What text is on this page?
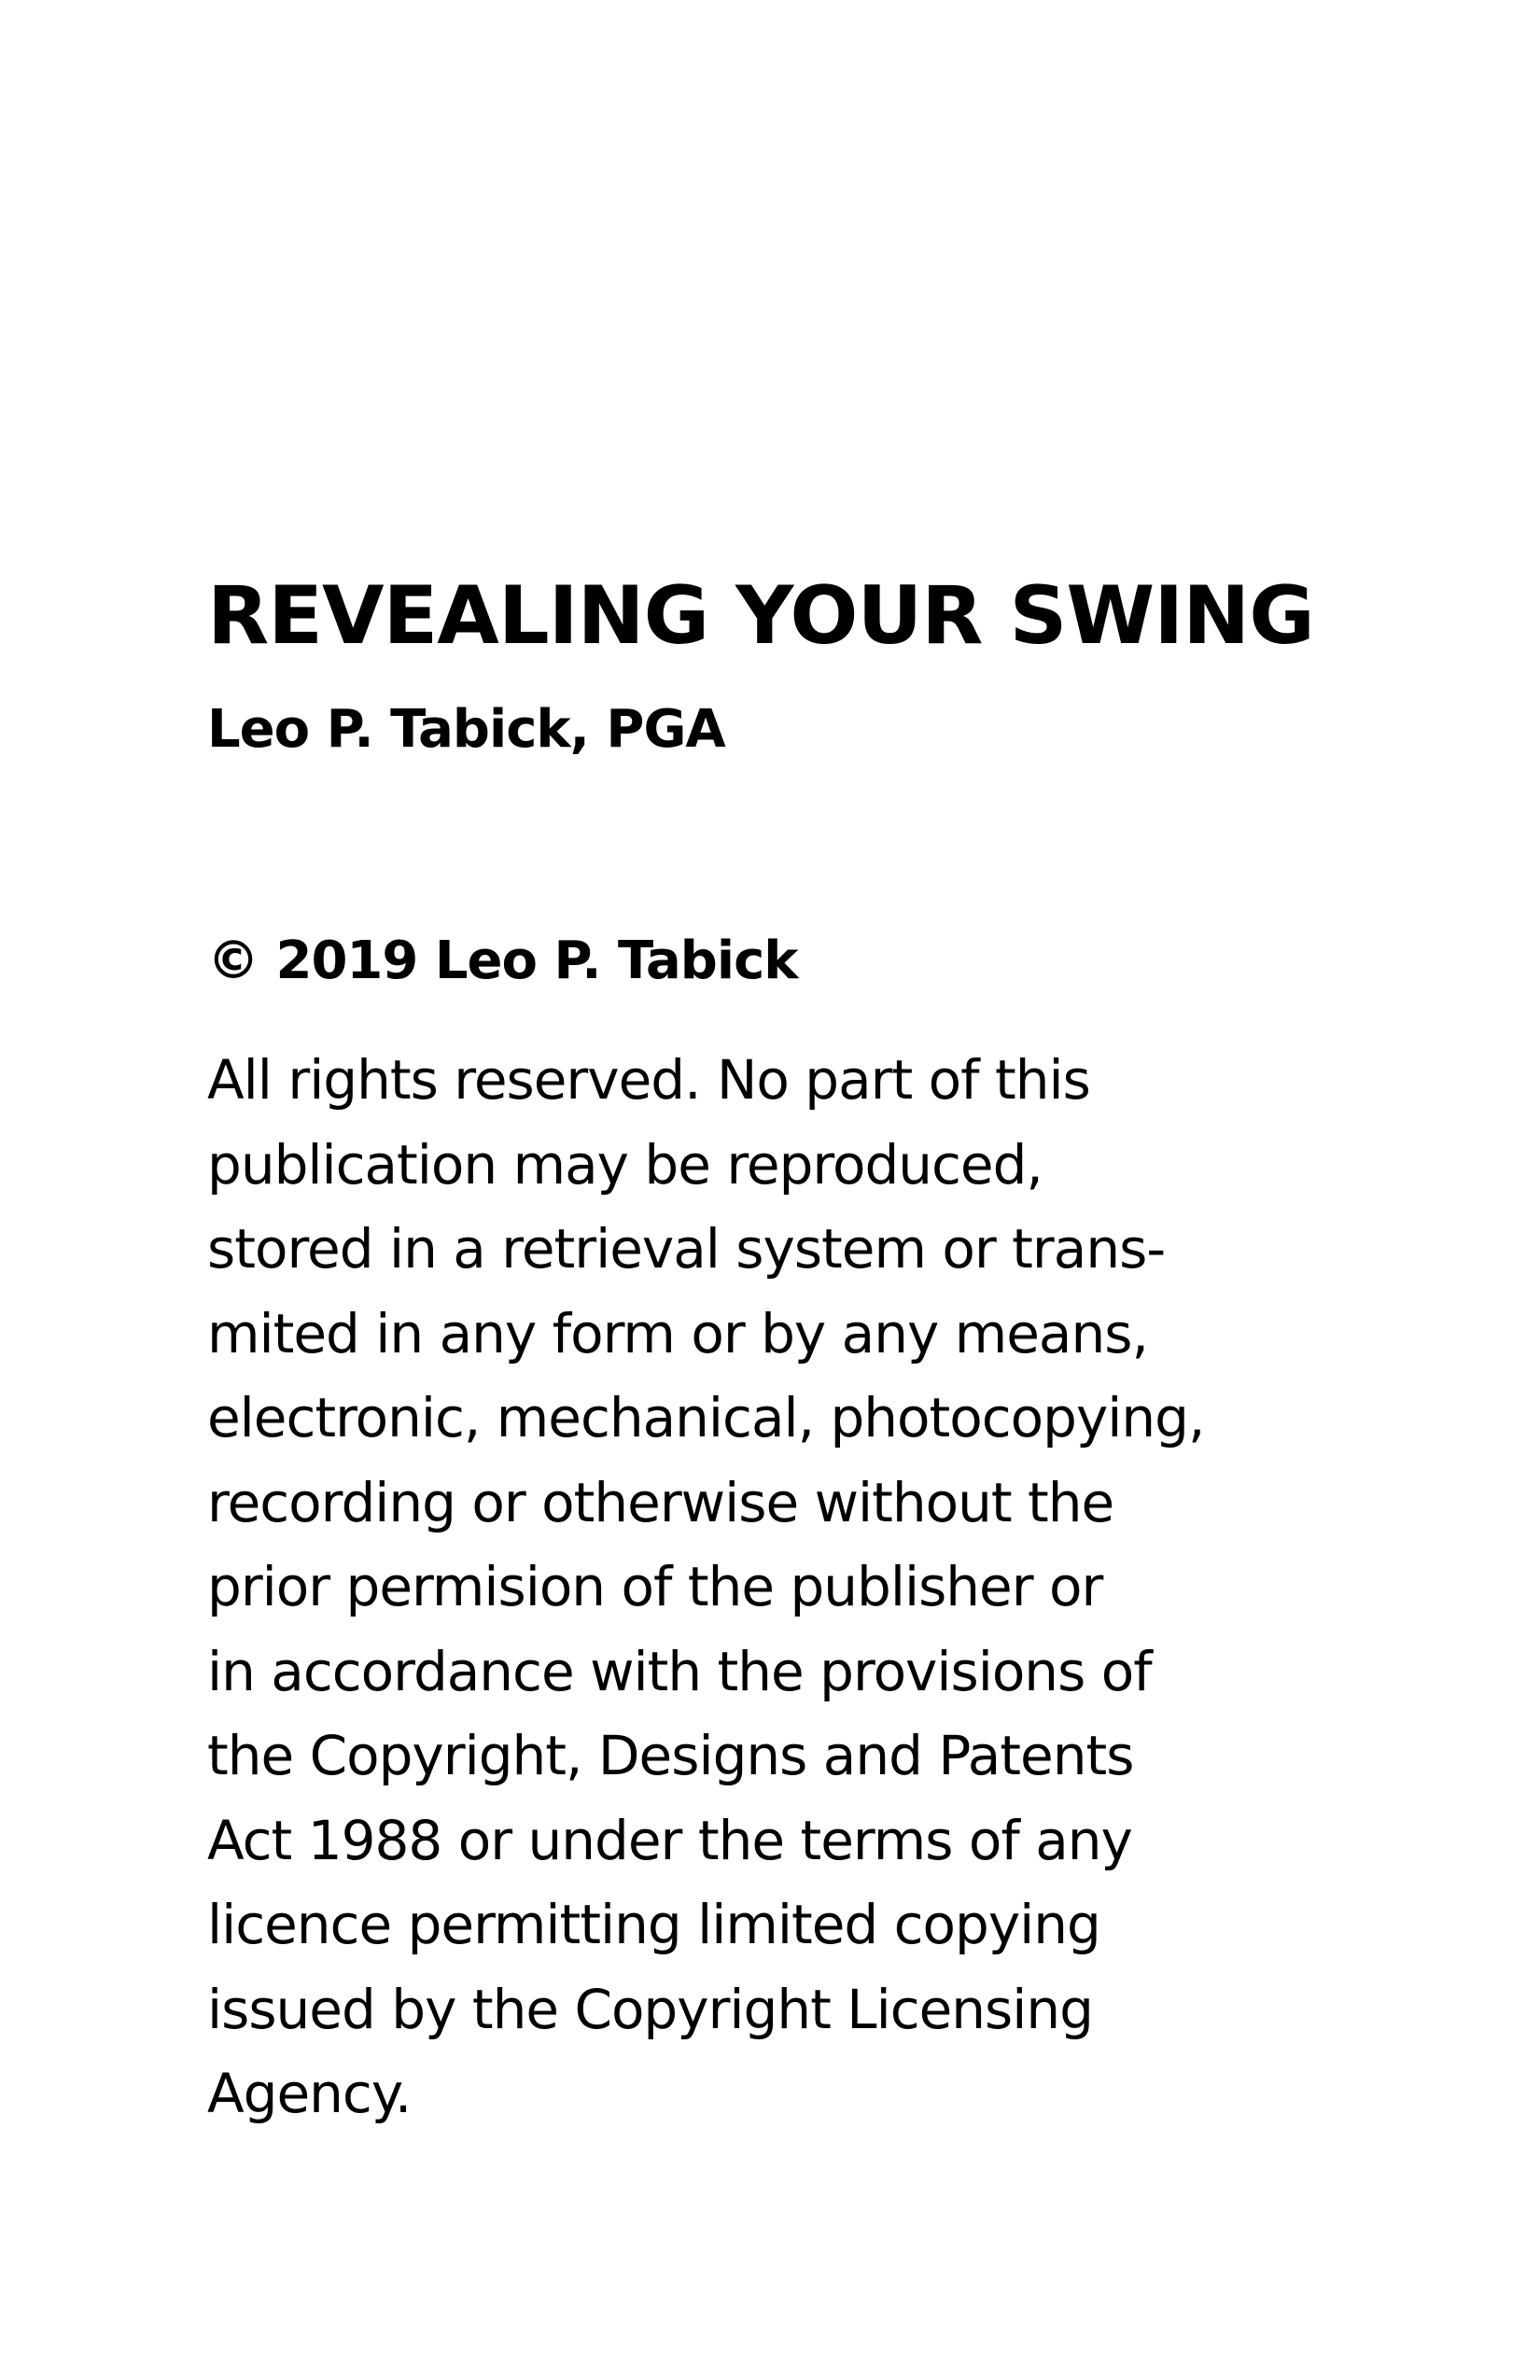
REVEALING YOUR SWING
Leo P. Tabick, PGA
© 2019 Leo P. Tabick
All rights reserved. No part of this
publication may be reproduced,
stored in a retrieval system or trans-
mited in any form or by any means,
electronic, mechanical, photocopying,
recording or otherwise without the
prior permision of the publisher or
in accordance with the provisions of
the Copyright, Designs and Patents
Act 1988 or under the terms of any
licence permitting limited copying
issued by the Copyright Licensing
Agency.
